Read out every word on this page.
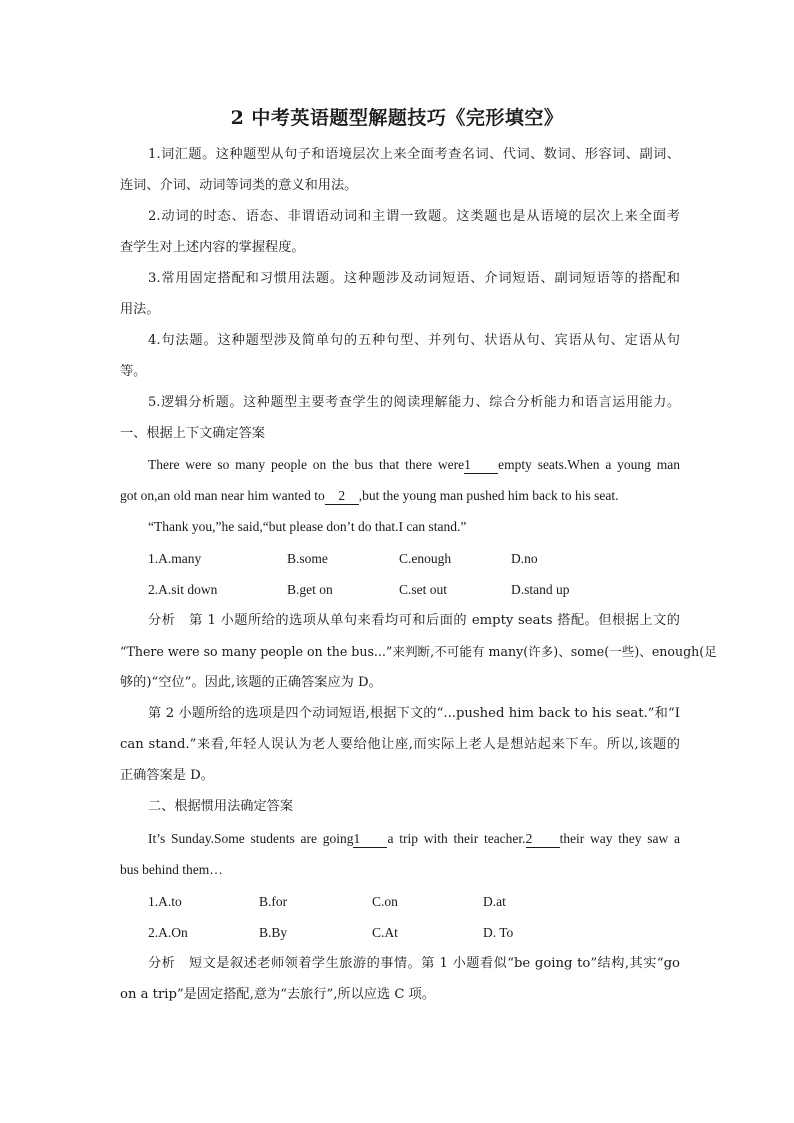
2 中考英语题型解题技巧《完形填空》
1.词汇题。这种题型从句子和语境层次上来全面考查名词、代词、数词、形容词、副词、
连词、介词、动词等词类的意义和用法。
2.动词的时态、语态、非谓语动词和主谓一致题。这类题也是从语境的层次上来全面考
查学生对上述内容的掌握程度。
3.常用固定搭配和习惯用法题。这种题涉及动词短语、介词短语、副词短语等的搭配和
用法。
4.句法题。这种题型涉及简单句的五种句型、并列句、状语从句、宾语从句、定语从句
等。
5.逻辑分析题。这种题型主要考查学生的阅读理解能力、综合分析能力和语言运用能力。
一、根据上下文确定答案
There were so many people on the bus that there were1 empty seats.When a young man
got on,an old man near him wanted to 2 ,but the young man pushed him back to his seat.
“Thank you,”he said,“but please don’t do that.I can stand.”
1.A.many	B.some	C.enough	D.no
2.A.sit down	B.get on	C.set out	D.stand up
分析　第 1 小题所给的选项从单句来看均可和后面的 empty seats 搭配。但根据上文的
“There were so many people on the bus...”来判断,不可能有 many(许多)、some(一些)、enough(足
够的)“空位”。因此,该题的正确答案应为 D。
第 2 小题所给的选项是四个动词短语,根据下文的“...pushed him back to his seat.”和“I
can stand.”来看,年轻人误认为老人要给他让座,而实际上老人是想站起来下车。所以,该题的
正确答案是 D。
二、根据惯用法确定答案
It’s Sunday.Some students are going1 a trip with their teacher.2 their way they saw a
bus behind them…
1.A.to	B.for	C.on	D.at
2.A.On	B.By	C.At	D. To
分析　短文是叙述老师领着学生旅游的事情。第 1 小题看似“be going to”结构,其实“go
on a trip”是固定搭配,意为“去旅行”,所以应选 C 项。
